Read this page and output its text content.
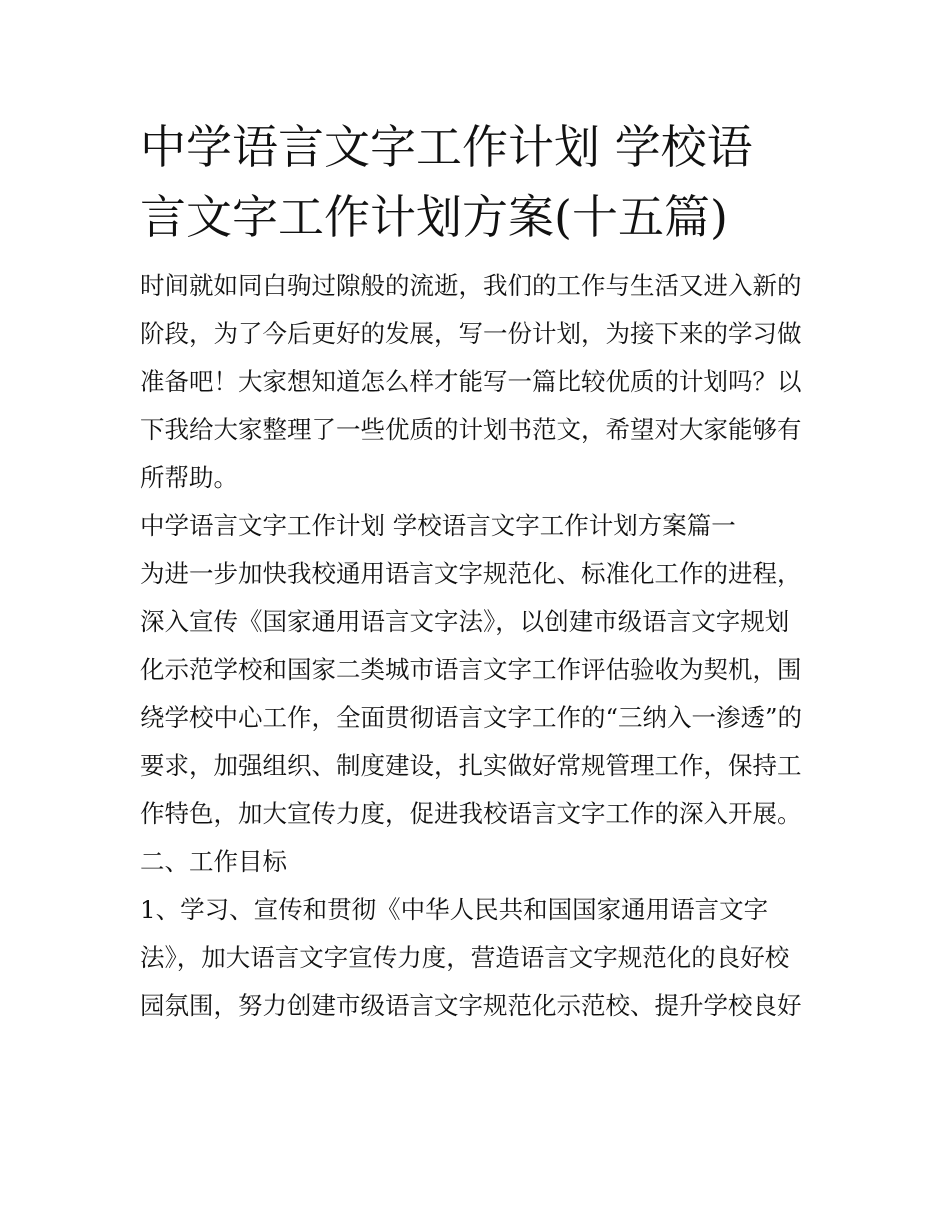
中学语言文字工作计划 学校语
言文字工作计划方案(十五篇)

时间就如同白驹过隙般的流逝，我们的工作与生活又进入新的
阶段，为了今后更好的发展，写一份计划，为接下来的学习做
准备吧！大家想知道怎么样才能写一篇比较优质的计划吗？以
下我给大家整理了一些优质的计划书范文，希望对大家能够有
所帮助。

中学语言文字工作计划 学校语言文字工作计划方案篇一

为进一步加快我校通用语言文字规范化、标准化工作的进程，
深入宣传《国家通用语言文字法》，以创建市级语言文字规划
化示范学校和国家二类城市语言文字工作评估验收为契机，围
绕学校中心工作，全面贯彻语言文字工作的“三纳入一渗透”的
要求，加强组织、制度建设，扎实做好常规管理工作，保持工
作特色，加大宣传力度，促进我校语言文字工作的深入开展。

二、工作目标

1、学习、宣传和贯彻《中华人民共和国国家通用语言文字
法》，加大语言文字宣传力度，营造语言文字规范化的良好校
园氛围，努力创建市级语言文字规范化示范校、提升学校良好
